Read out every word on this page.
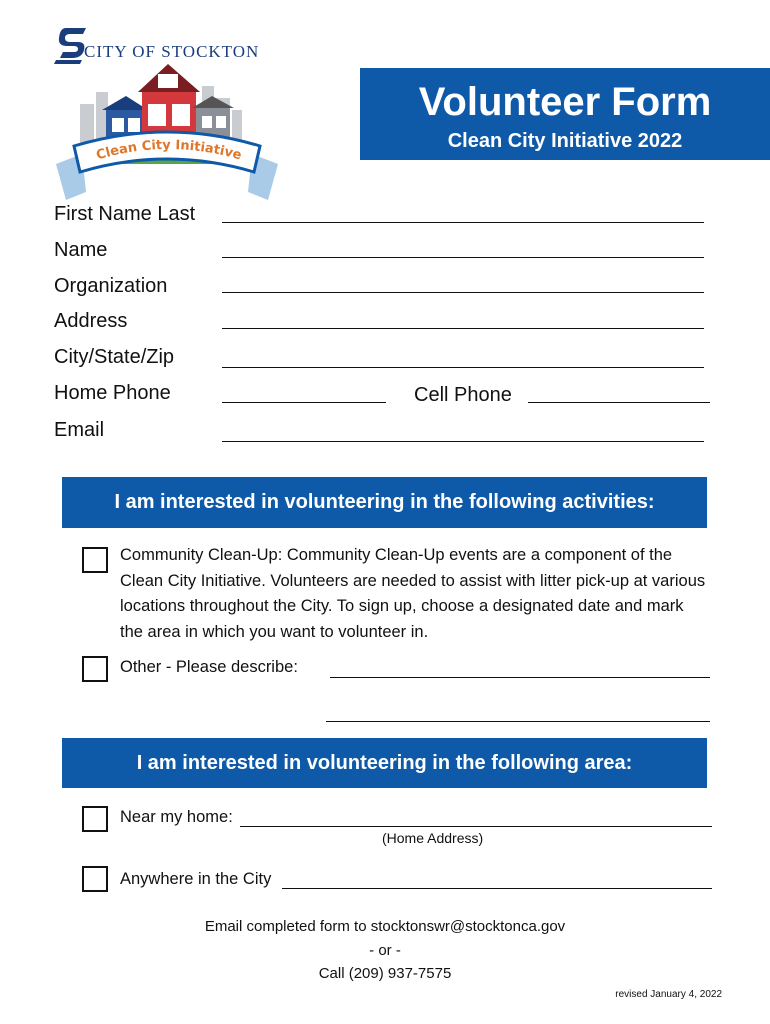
Clean City Initiative
CITY OF STOCKTON
Volunteer Form
Clean City Initiative 2022
First Name Last
Name
Organization
Address
City/State/Zip
Home Phone	Cell Phone
Email
I am interested in volunteering in the following activities:
Community Clean-Up: Community Clean-Up events are a component of the Clean City Initiative. Volunteers are needed to assist with litter pick-up at various locations throughout the City. To sign up, choose a designated date and mark the area in which you want to volunteer in.
Other - Please describe:
I am interested in volunteering in the following area:
Near my home:
(Home Address)
Anywhere in the City
Email completed form to stocktonswr@stocktonca.gov
- or -
Call (209) 937-7575
revised January 4, 2022
